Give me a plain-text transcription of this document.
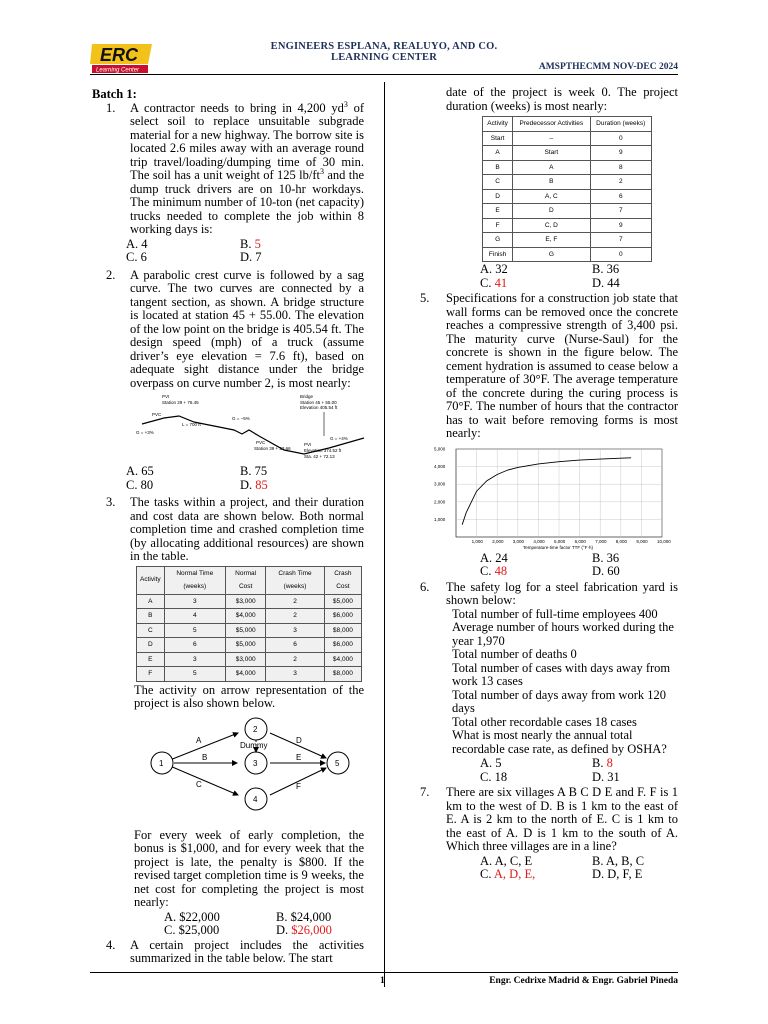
ERC
Learning Center
ENGINEERS ESPLANA, REALUYO, AND CO.
LEARNING CENTER
AMSPTHECMM NOV-DEC 2024
Batch 1:
1. A contractor needs to bring in 4,200 $yd^3$ of select soil to replace unsuitable subgrade material for a new highway. The borrow site is located 2.6 miles away with an average round trip travel/loading/dumping time of 30 min. The soil has a unit weight of 125 $lb/ft^3$ and the dump truck drivers are on 10-hr workdays. The minimum number of 10-ton (net capacity) trucks needed to complete the job within 8 working days is:
A. 4	B. 5
C. 6	D. 7
2. A parabolic crest curve is followed by a sag curve. The two curves are connected by a tangent section, as shown. A bridge structure is located at station 45 + 55.00. The elevation of the low point on the bridge is 405.54 ft. The design speed (mph) of a truck (assume driver’s eye elevation = 7.6 ft), based on adequate sight distance under the bridge overpass on curve number 2, is most nearly:
PVI
Station 29 + 76.45
PVC
G = +3%
L = 700 ft
G = −5%
Bridge
Station 45 + 55.00
Elevation 405.54 ft
G = +4%
PVC
Station 39 + 23.66
PVI
Elevation 374.52 ft
Sta. 42 + 72.13
A. 65	B. 75
C. 80	D. 85
3. The tasks within a project, and their duration and cost data are shown below. Both normal completion time and crashed completion time (by allocating additional resources) are shown in the table.
Activity	Normal Time (weeks)	Normal Cost	Crash Time (weeks)	Crash Cost
A	3	$3,000	2	$5,000
B	4	$4,000	2	$6,000
C	5	$5,000	3	$8,000
D	6	$5,000	6	$6,000
E	3	$3,000	2	$4,000
F	5	$4,000	3	$8,000
The activity on arrow representation of the project is also shown below.
2
1	3
4
5
A
B
C
D
E
F
Dummy
For every week of early completion, the bonus is $1,000, and for every week that the project is late, the penalty is $800. If the revised target completion time is 9 weeks, the net cost for completing the project is most nearly:
A. $22,000	B. $24,000
C. $25,000	D. $26,000
4. A certain project includes the activities summarized in the table below. The start
date of the project is week 0. The project duration (weeks) is most nearly:
Activity	Predecessor Activities	Duration (weeks)
Start	–	0
A	Start	9
B	A	8
C	B	2
D	A, C	6
E	D	7
F	C, D	9
G	E, F	7
Finish	G	0
A. 32	B. 36
C. 41	D. 44
5. Specifications for a construction job state that wall forms can be removed once the concrete reaches a compressive strength of 3,400 psi. The maturity curve (Nurse-Saul) for the concrete is shown in the figure below. The cement hydration is assumed to cease below a temperature of 30°F. The average temperature of the concrete during the curing process is 70°F. The number of hours that the contractor has to wait before removing forms is most nearly:
1,000 2,000 3,000 4,000 5,000 6,000 7,000 8,000 9,000 10,000
1,000
2,000
3,000
4,000
5,000
Temperature-time factor TTF (°F·h)
A. 24	B. 36
C. 48	D. 60
6. The safety log for a steel fabrication yard is shown below:
Total number of full-time employees 400
Average number of hours worked during the year 1,970
Total number of deaths 0
Total number of cases with days away from work 13 cases
Total number of days away from work 120 days
Total other recordable cases 18 cases
What is most nearly the annual total recordable case rate, as defined by OSHA?
A. 5	B. 8
C. 18	D. 31
7. There are six villages A B C D E and F. F is 1 km to the west of D. B is 1 km to the east of E. A is 2 km to the north of E. C is 1 km to the east of A. D is 1 km to the south of A. Which three villages are in a line?
A. A, C, E	B. A, B, C
C. A, D, E,	D. D, F, E
1	Engr. Cedrixe Madrid & Engr. Gabriel Pineda
